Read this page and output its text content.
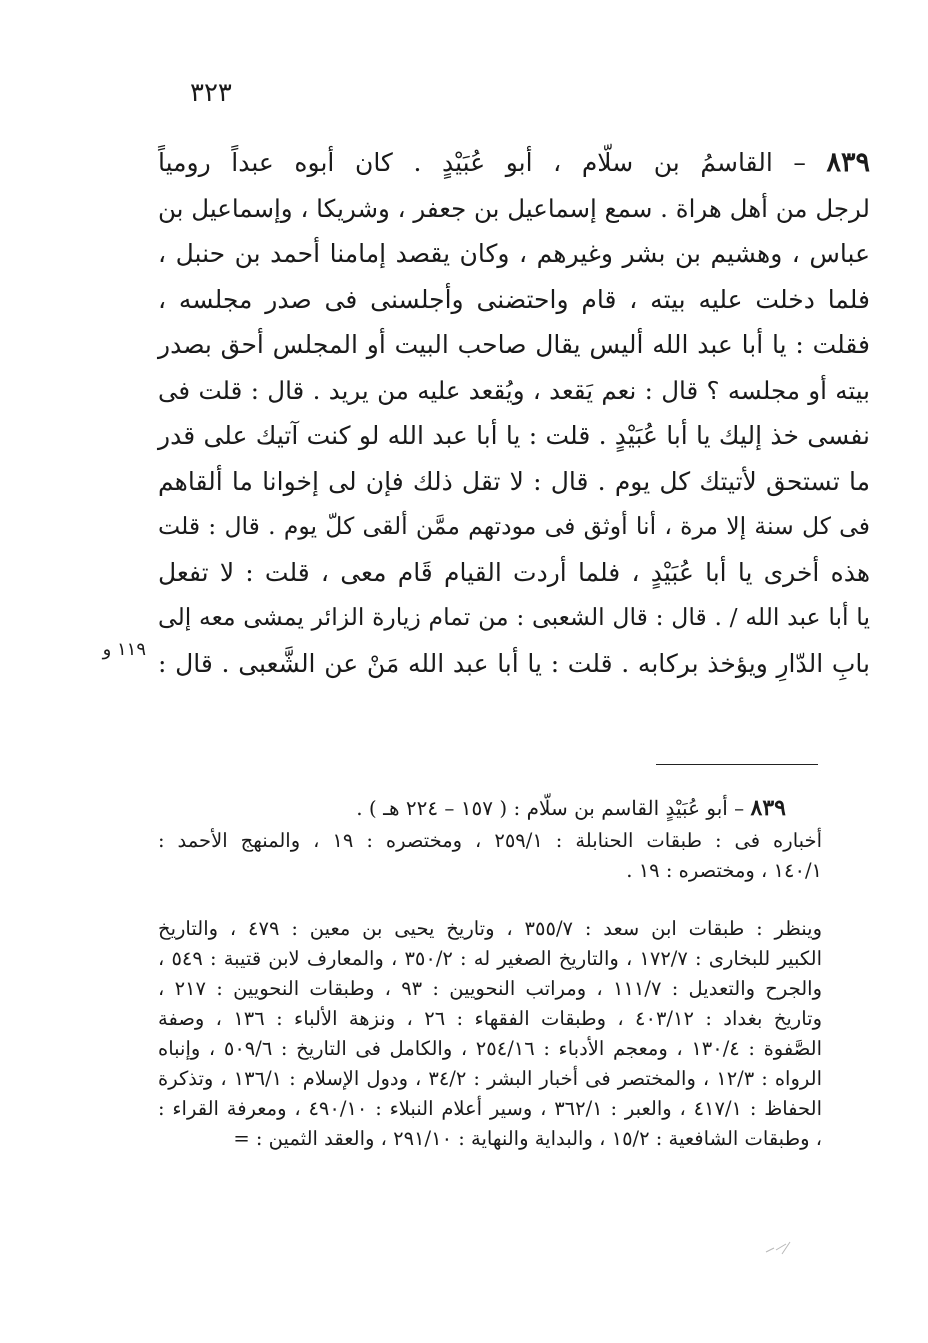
٣٢٣
٨٣٩ – القاسمُ بن سلّام ، أبو عُبَيْدٍ . كان أبوه عبداً رومياً
لرجل من أهل هراة . سمع إسماعيل بن جعفر ، وشريكا ، وإسماعيل بن
عباس ، وهشيم بن بشر وغيرهم ، وكان يقصد إمامنا أحمد بن حنبل ،
فلما دخلت عليه بيته ، قام واحتضنى وأجلسنى فى صدر مجلسه ،
فقلت : يا أبا عبد الله أليس يقال صاحب البيت أو المجلس أحق بصدر
بيته أو مجلسه ؟ قال : نعم يَقعد ، ويُقعد عليه من يريد . قال : قلت فى
نفسى خذ إليك يا أبا عُبَيْدٍ . قلت : يا أبا عبد الله لو كنت آتيك على قدر
ما تستحق لأتيتك كل يوم . قال : لا تقل ذلك فإن لى إخوانا ما ألقاهم
فى كل سنة إلا مرة ، أنا أوثق فى مودتهم ممَّن ألقى كلّ يوم . قال : قلت
هذه أخرى يا أبا عُبَيْدٍ ، فلما أردت القيام قَام معى ، قلت : لا تفعل
يا أبا عبد الله / . قال : قال الشعبى : من تمام زيارة الزائر يمشى معه إلى
بابِ الدّارِ ويؤخذ بركابه . قلت : يا أبا عبد الله مَنْ عن الشَّعبى . قال :
١١٩ و
٨٣٩ – أبو عُبَيْدٍ القاسم بن سلّام : ( ١٥٧ – ٢٢٤ هـ ) .
أخباره فى : طبقات الحنابلة : ٢٥٩/١ ، ومختصره : ١٩ ، والمنهج الأحمد :
١٤٠/١ ، ومختصره : ١٩ .
وينظر : طبقات ابن سعد : ٣٥٥/٧ ، وتاريخ يحيى بن معين : ٤٧٩ ، والتاريخ
الكبير للبخارى : ١٧٢/٧ ، والتاريخ الصغير له : ٣٥٠/٢ ، والمعارف لابن قتيبة : ٥٤٩ ،
والجرح والتعديل : ١١١/٧ ، ومراتب النحويين : ٩٣ ، وطبقات النحويين : ٢١٧ ،
وتاريخ بغداد : ٤٠٣/١٢ ، وطبقات الفقهاء : ٢٦ ، ونزهة الألباء : ١٣٦ ، وصفة
الصَّفوة : ١٣٠/٤ ، ومعجم الأدباء : ٢٥٤/١٦ ، والكامل فى التاريخ : ٥٠٩/٦ ، وإنباه
الرواه : ١٢/٣ ، والمختصر فى أخبار البشر : ٣٤/٢ ، ودول الإسلام : ١٣٦/١ ، وتذكرة
الحفاظ : ٤١٧/١ ، والعبر : ٣٦٢/١ ، وسير أعلام النبلاء : ٤٩٠/١٠ ، ومعرفة القراء :
، وطبقات الشافعية : ١٥/٢ ، والبداية والنهاية : ٢٩١/١٠ ، والعقد الثمين : =
